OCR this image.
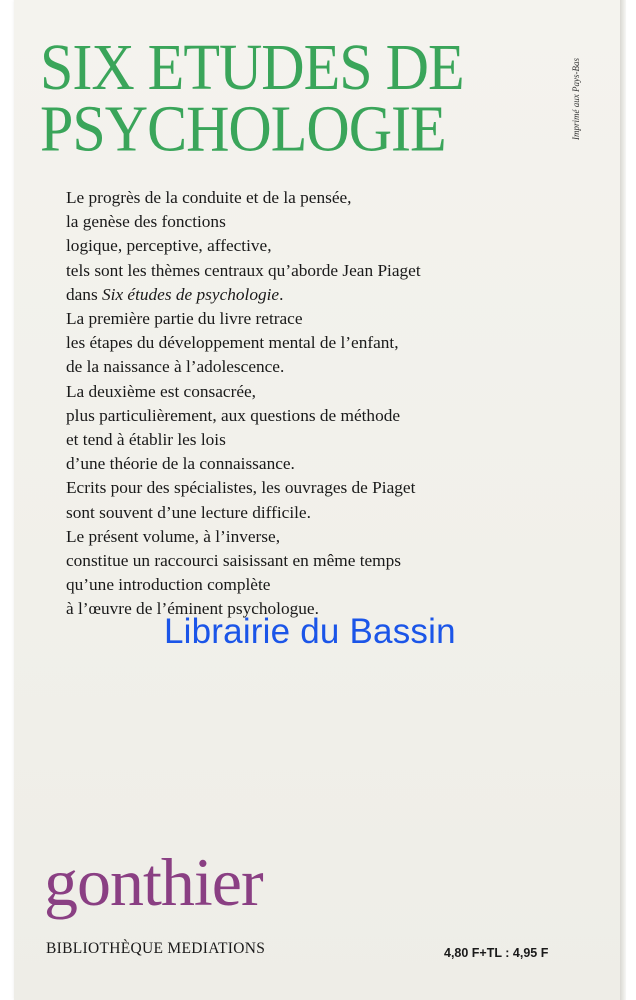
SIX ETUDES DE
PSYCHOLOGIE	Imprimé aux Pays-Bas
Le progrès de la conduite et de la pensée,
la genèse des fonctions
logique, perceptive, affective,
tels sont les thèmes centraux qu’aborde Jean Piaget
dans Six études de psychologie.
La première partie du livre retrace
les étapes du développement mental de l’enfant,
de la naissance à l’adolescence.
La deuxième est consacrée,
plus particulièrement, aux questions de méthode
et tend à établir les lois
d’une théorie de la connaissance.
Ecrits pour des spécialistes, les ouvrages de Piaget
sont souvent d’une lecture difficile.
Le présent volume, à l’inverse,
constitue un raccourci saisissant en même temps
qu’une introduction complète
à l’œuvre de l’éminent psychologue.
Librairie du Bassin
gonthier
BIBLIOTHÈQUE MEDIATIONS	4,80 F+TL : 4,95 F
